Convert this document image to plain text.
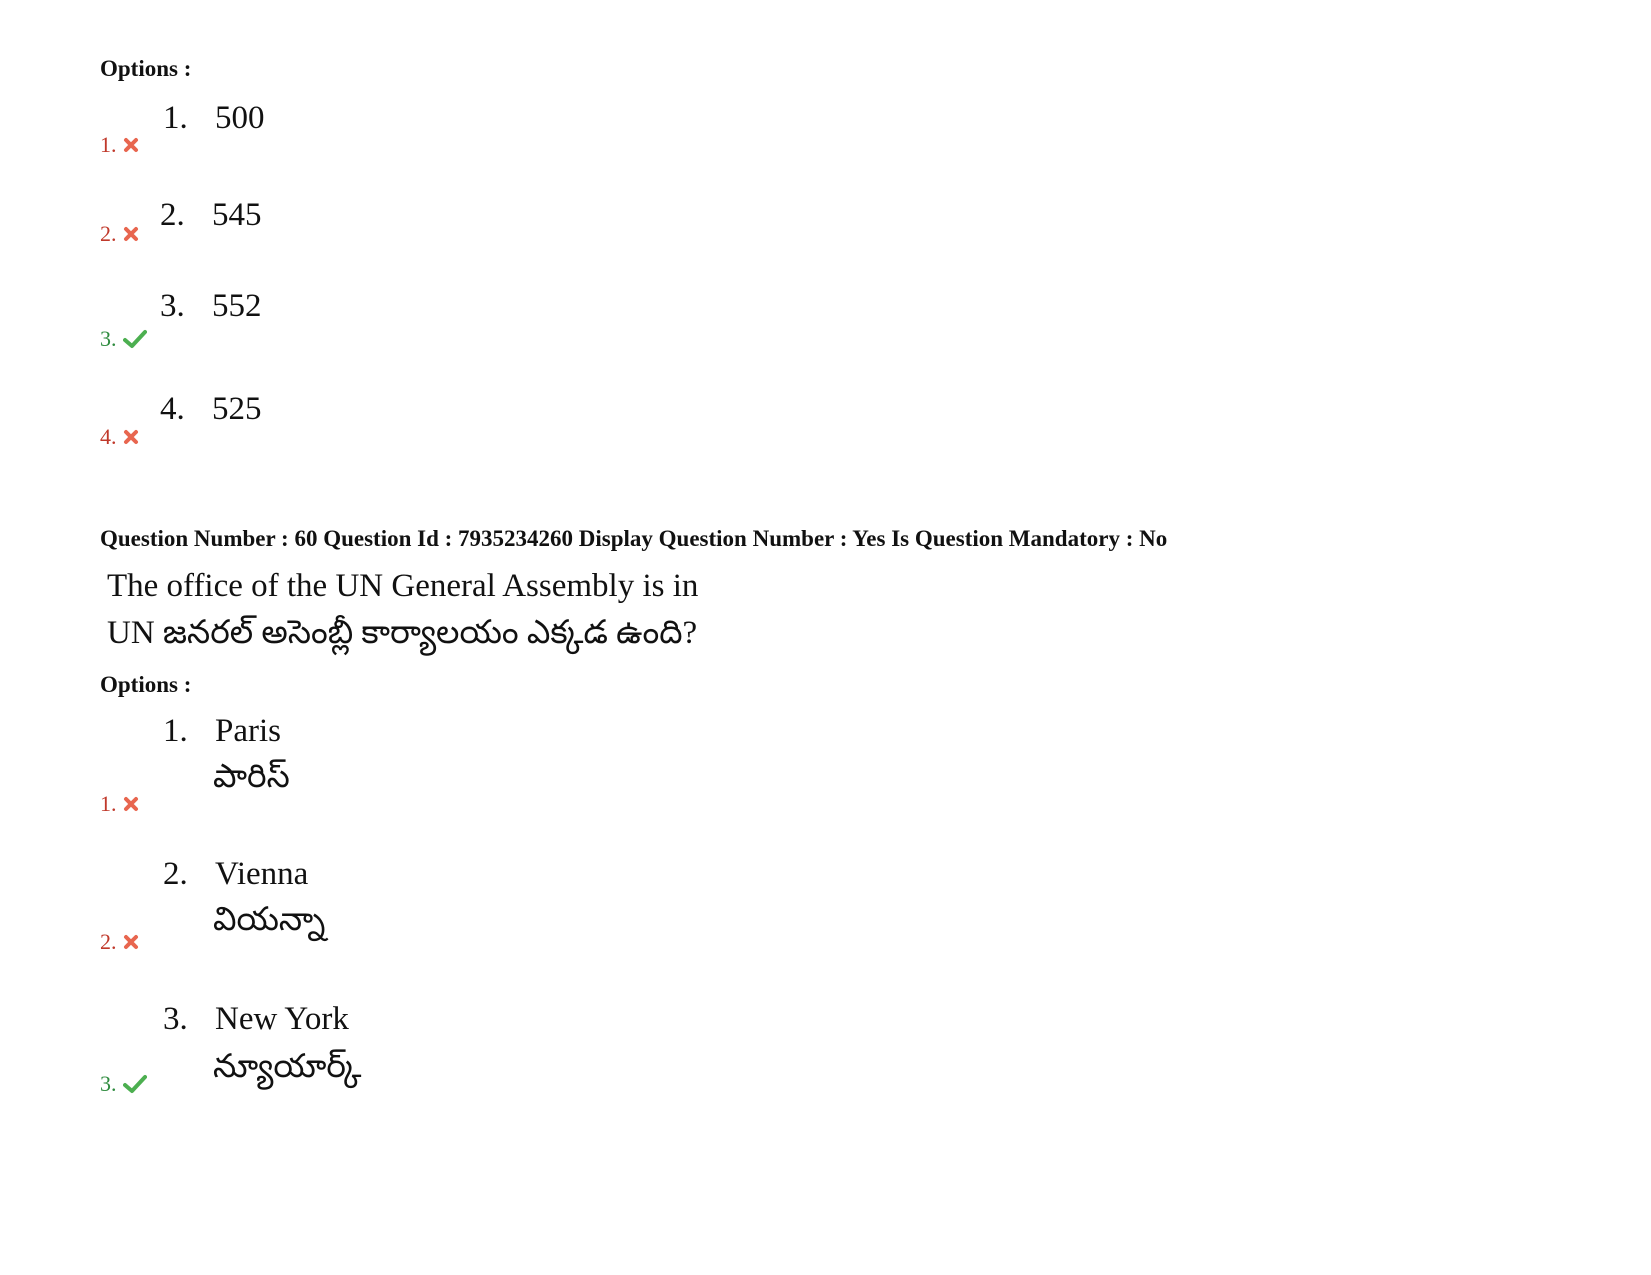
Options :
1. 500
1.
2. 545
2.
3. 552
3.
4. 525
4.
Question Number : 60 Question Id : 7935234260 Display Question Number : Yes Is Question Mandatory : No
The office of the UN General Assembly is in
UN జనరల్ అసెంబ్లీ కార్యాలయం ఎక్కడ ఉంది?
Options :
1. Paris
పారిస్
1.
2. Vienna
వియన్నా
2.
3. New York
న్యూయార్క్
3.
